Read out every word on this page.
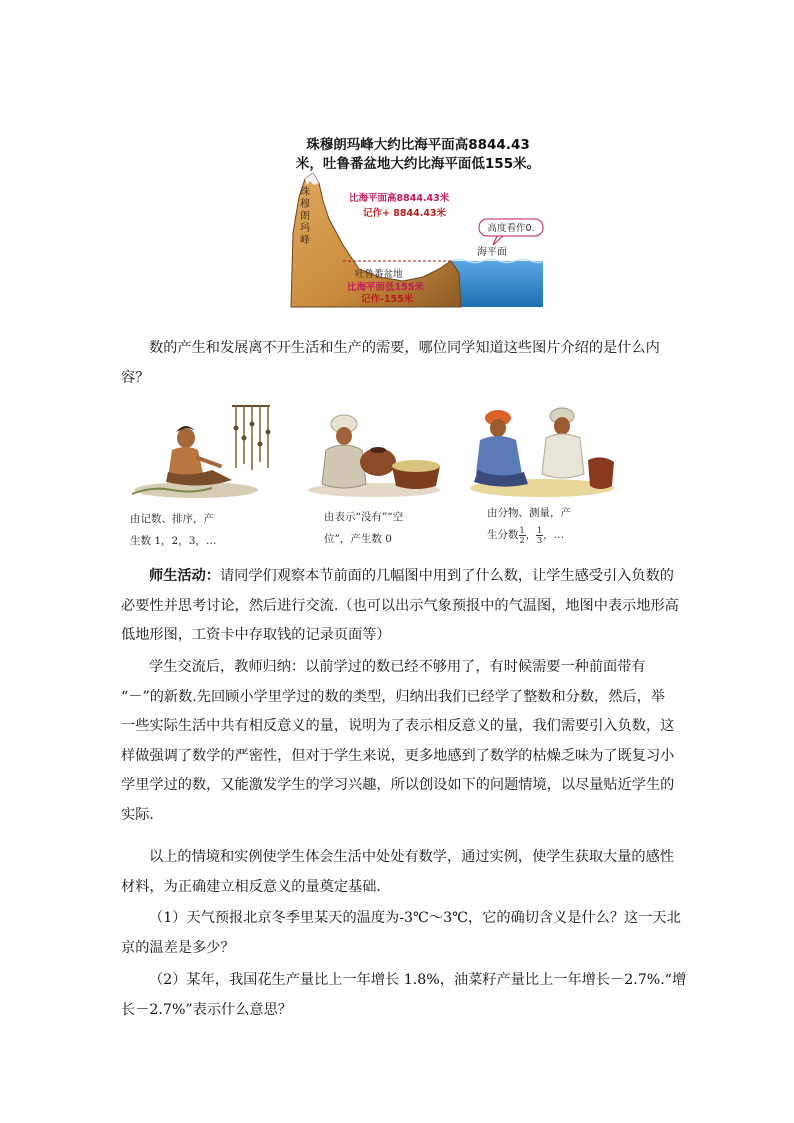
珠穆朗玛峰大约比海平面高8844.43
米，吐鲁番盆地大约比海平面低155米。
珠
穆
朗
玛
峰
比海平面高8844.43米
记作+ 8844.43米
高度看作0.
海平面
吐鲁番盆地
比海平面低155米
记作-155米
数的产生和发展离不开生活和生产的需要，哪位同学知道这些图片介绍的是什么内
容？
由记数、排序，产
生数 1，2，3，…
由表示“没有”“空
位”，产生数 0
由分物、测量，产
生分数 $\frac{1}{2}$ ， $\frac{1}{3}$ ，…
师生活动：请同学们观察本节前面的几幅图中用到了什么数，让学生感受引入负数的
必要性并思考讨论，然后进行交流.（也可以出示气象预报中的气温图，地图中表示地形高
低地形图，工资卡中存取钱的记录页面等）
学生交流后，教师归纳：以前学过的数已经不够用了，有时候需要一种前面带有
“－”的新数.先回顾小学里学过的数的类型，归纳出我们已经学了整数和分数，然后，举
一些实际生活中共有相反意义的量，说明为了表示相反意义的量，我们需要引入负数，这
样做强调了数学的严密性，但对于学生来说，更多地感到了数学的枯燥乏味为了既复习小
学里学过的数，又能激发学生的学习兴趣，所以创设如下的问题情境，以尽量贴近学生的
实际.
以上的情境和实例使学生体会生活中处处有数学，通过实例，使学生获取大量的感性
材料，为正确建立相反意义的量奠定基础.
（1）天气预报北京冬季里某天的温度为-3℃～3℃，它的确切含义是什么？这一天北
京的温差是多少？
（2）某年，我国花生产量比上一年增长 1.8%，油菜籽产量比上一年增长－2.7%.“增
长－2.7%”表示什么意思？
